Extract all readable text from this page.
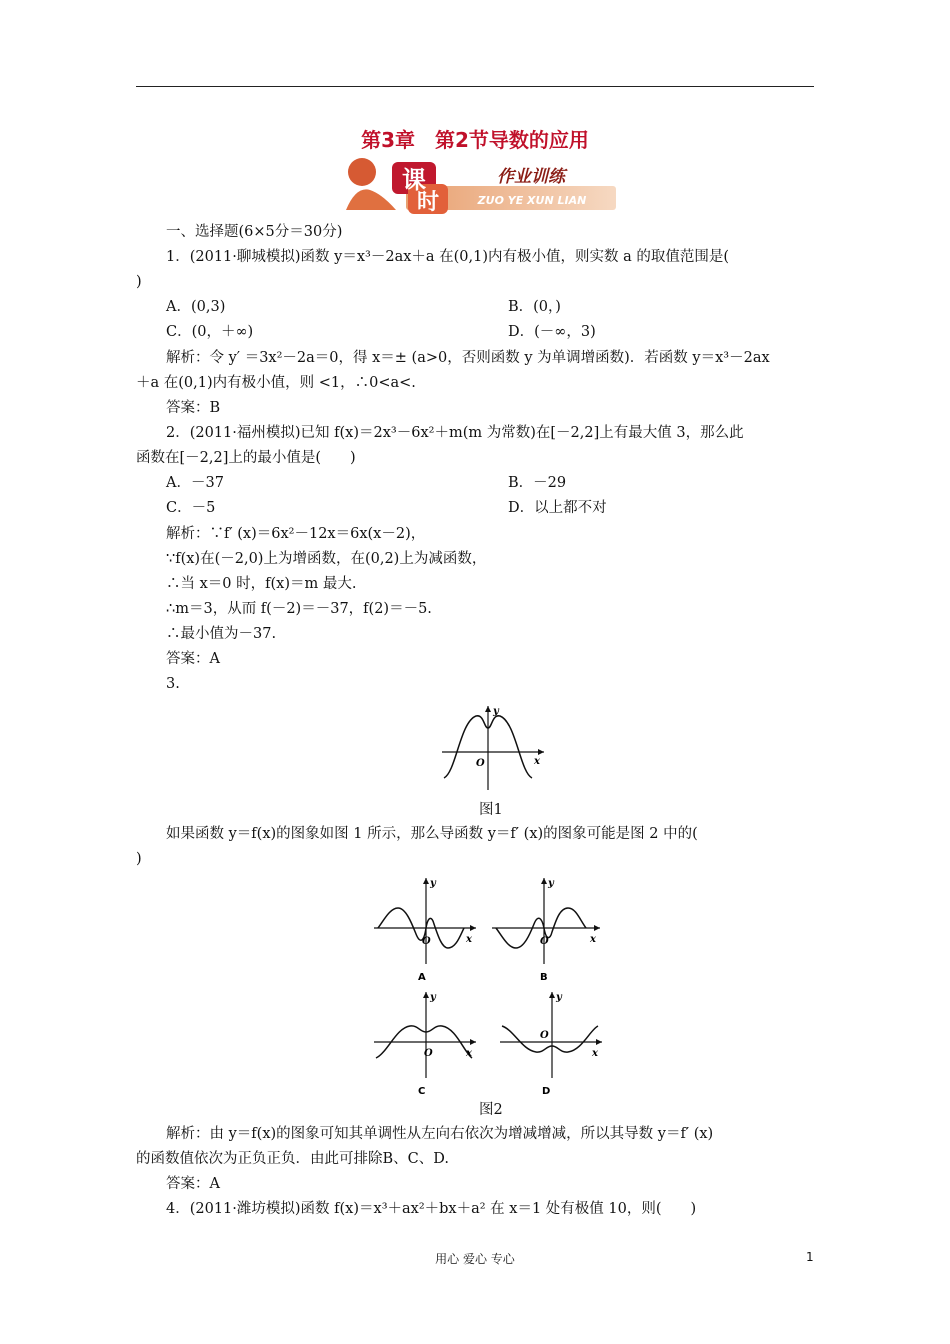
第3章　第2节导数的应用
课
时
作业训练
ZUO YE XUN LIAN
一、选择题(6×5分＝30分)
1．(2011·聊城模拟)函数 y＝x³－2ax＋a 在(0,1)内有极小值，则实数 a 的取值范围是(
)
A．(0,3)	B．(0，)
C．(0，＋∞)	D．(－∞，3)
解析：令 y′ ＝3x²－2a＝0，得 x＝± (a>0，否则函数 y 为单调增函数)．若函数 y＝x³－2ax
＋a 在(0,1)内有极小值，则 <1，∴0<a<.
答案：B
2．(2011·福州模拟)已知 f(x)＝2x³－6x²＋m(m 为常数)在[－2,2]上有最大值 3，那么此
函数在[－2,2]上的最小值是(　　)
A．－37	B．－29
C．－5	D．以上都不对
解析：∵f′ (x)＝6x²－12x＝6x(x－2)，
∵f(x)在(－2,0)上为增函数，在(0,2)上为减函数，
∴当 x＝0 时，f(x)＝m 最大.
∴m＝3，从而 f(－2)＝－37，f(2)＝－5.
∴最小值为－37.
答案：A
3.
y
x
O
图1
如果函数 y＝f(x)的图象如图 1 所示，那么导函数 y＝f′ (x)的图象可能是图 2 中的(
)
y
x
O
A
y
x
O
B
y
x
O
C
y
x
O
D
图2
解析：由 y＝f(x)的图象可知其单调性从左向右依次为增减增减，所以其导数 y＝f′ (x)
的函数值依次为正负正负．由此可排除B、C、D.
答案：A
4．(2011·潍坊模拟)函数 f(x)＝x³＋ax²＋bx＋a² 在 x＝1 处有极值 10，则(　　)
用心 爱心 专心	1
